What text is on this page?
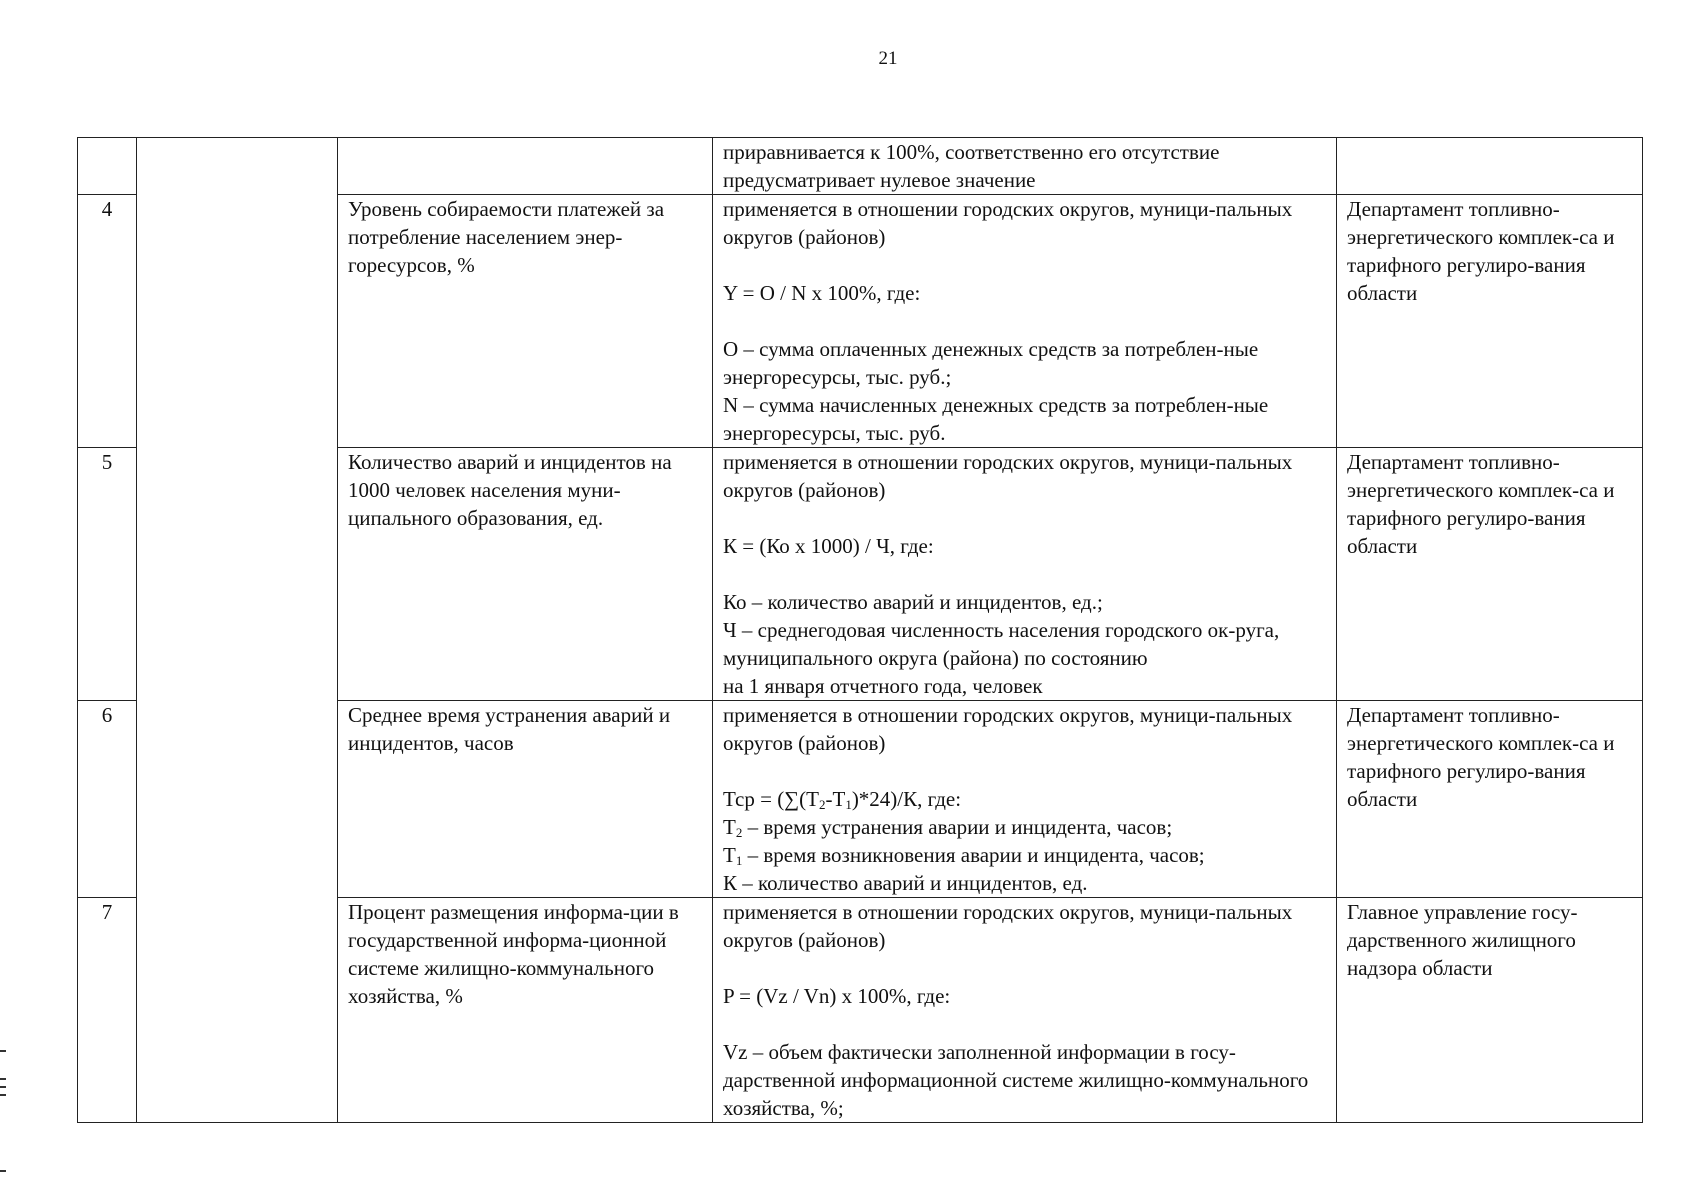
21

			приравнивается к 100%, соответственно его отсутствие
предусматривает нулевое значение	

4		Уровень собираемости платежей за потребление населением энер-горесурсов, %	применяется в отношении городских округов, муници-пальных округов (районов)
Y = O / N x 100%, где:
O – сумма оплаченных денежных средств за потреблен-ные энергоресурсы, тыс. руб.;
N – сумма начисленных денежных средств за потреблен-ные энергоресурсы, тыс. руб.	Департамент топливно-энергетического комплек-са и тарифного регулиро-вания области
5		Количество аварий и инцидентов на 1000 человек населения муни-ципального образования, ед.	применяется в отношении городских округов, муници-пальных округов (районов)
К = (Ко х 1000) / Ч, где:
Ко – количество аварий и инцидентов, ед.;
Ч – среднегодовая численность населения городского ок-руга, муниципального округа (района) по состоянию
на 1 января отчетного года, человек	Департамент топливно-энергетического комплек-са и тарифного регулиро-вания области
6		Среднее время устранения аварий и инцидентов, часов	применяется в отношении городских округов, муници-пальных округов (районов)
Тср = $(\sum(Т_2-Т_1)*24)/К$, где:
$Т_2$ – время устранения аварии и инцидента, часов;
$Т_1$ – время возникновения аварии и инцидента, часов;
К – количество аварий и инцидентов, ед.	Департамент топливно-энергетического комплек-са и тарифного регулиро-вания области
7		Процент размещения информа-ции в государственной информа-ционной системе жилищно-коммунального хозяйства, %	применяется в отношении городских округов, муници-пальных округов (районов)
P = (Vz / Vn) x 100%, где:
Vz – объем фактически заполненной информации в госу-дарственной информационной системе жилищно-коммунального хозяйства, %;	Главное управление госу-дарственного жилищного надзора области
